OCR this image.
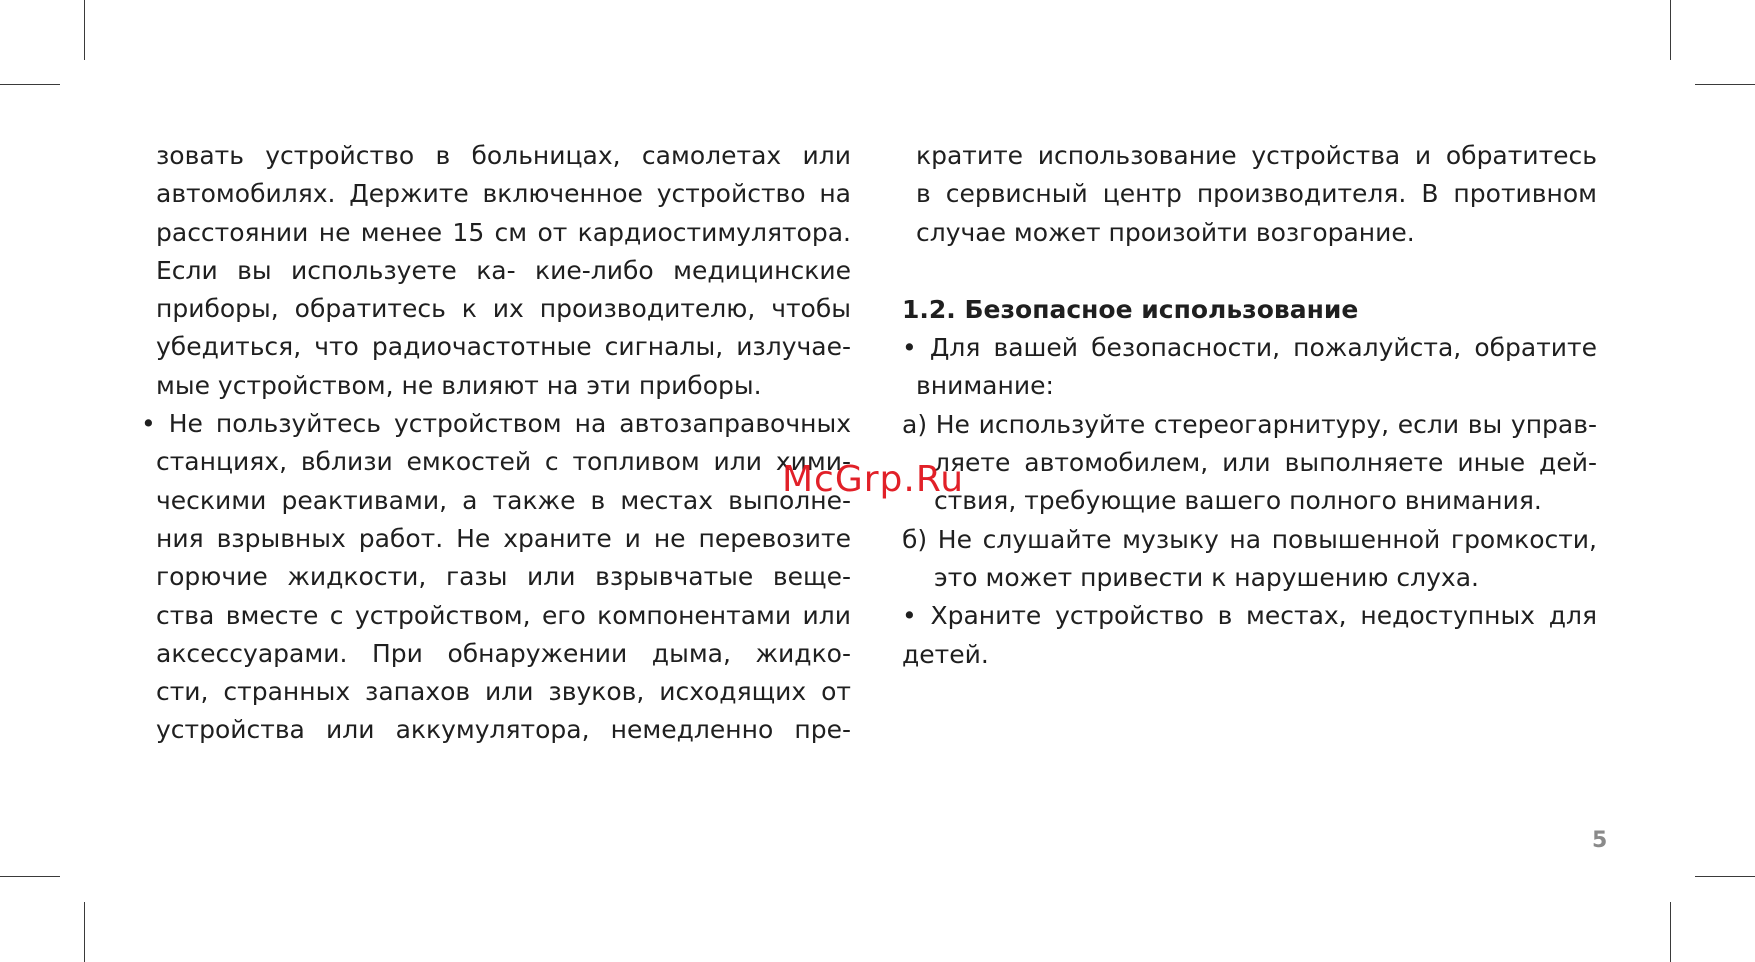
зовать устройство в больницах, самолетах или
автомобилях. Держите включенное устройство на
расстоянии не менее 15 см от кардиостимулятора.
Если вы используете ка- кие-либо медицинские
приборы, обратитесь к их производителю, чтобы
убедиться, что радиочастотные сигналы, излучае-
мые устройством, не влияют на эти приборы.
• Не пользуйтесь устройством на автозаправочных
станциях, вблизи емкостей с топливом или хими-
ческими реактивами, а также в местах выполне-
ния взрывных работ. Не храните и не перевозите
горючие жидкости, газы или взрывчатые веще-
ства вместе с устройством, его компонентами или
аксессуарами. При обнаружении дыма, жидко-
сти, странных запахов или звуков, исходящих от
устройства или аккумулятора, немедленно пре-
кратите использование устройства и обратитесь
в сервисный центр производителя. В противном
случае может произойти возгорание.
1.2. Безопасное использование
• Для вашей безопасности, пожалуйста, обратите
внимание:
а) Не используйте стереогарнитуру, если вы управ-
ляете автомобилем, или выполняете иные дей-
ствия, требующие вашего полного внимания.
б) Не слушайте музыку на повышенной громкости,
это может привести к нарушению слуха.
• Храните устройство в местах, недоступных для
детей.
McGrp.Ru
5
